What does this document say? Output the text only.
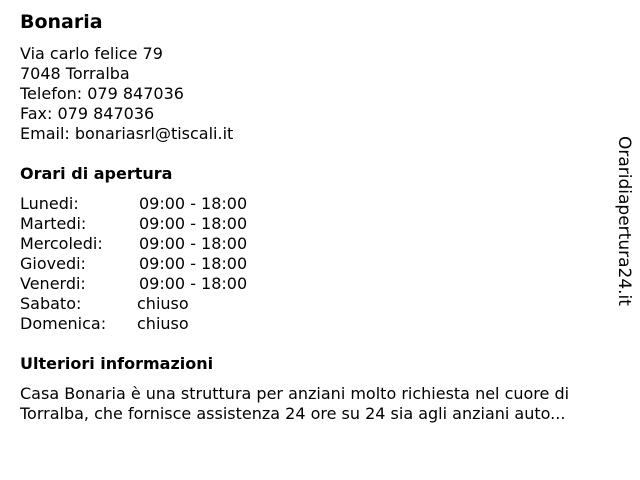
Bonaria
Via carlo felice 79
7048 Torralba
Telefon: 079 847036
Fax: 079 847036
Email: bonariasrl@tiscali.it
Orari di apertura
Lunedi:	09:00 - 18:00
Martedi:	09:00 - 18:00
Mercoledi: 09:00 - 18:00
Giovedi:	09:00 - 18:00
Venerdi:	09:00 - 18:00
Sabato:	chiuso
Domenica: chiuso
Ulteriori informazioni
Casa Bonaria è una struttura per anziani molto richiesta nel cuore di
Torralba, che fornisce assistenza 24 ore su 24 sia agli anziani auto...
Oraridiapertura24.it
